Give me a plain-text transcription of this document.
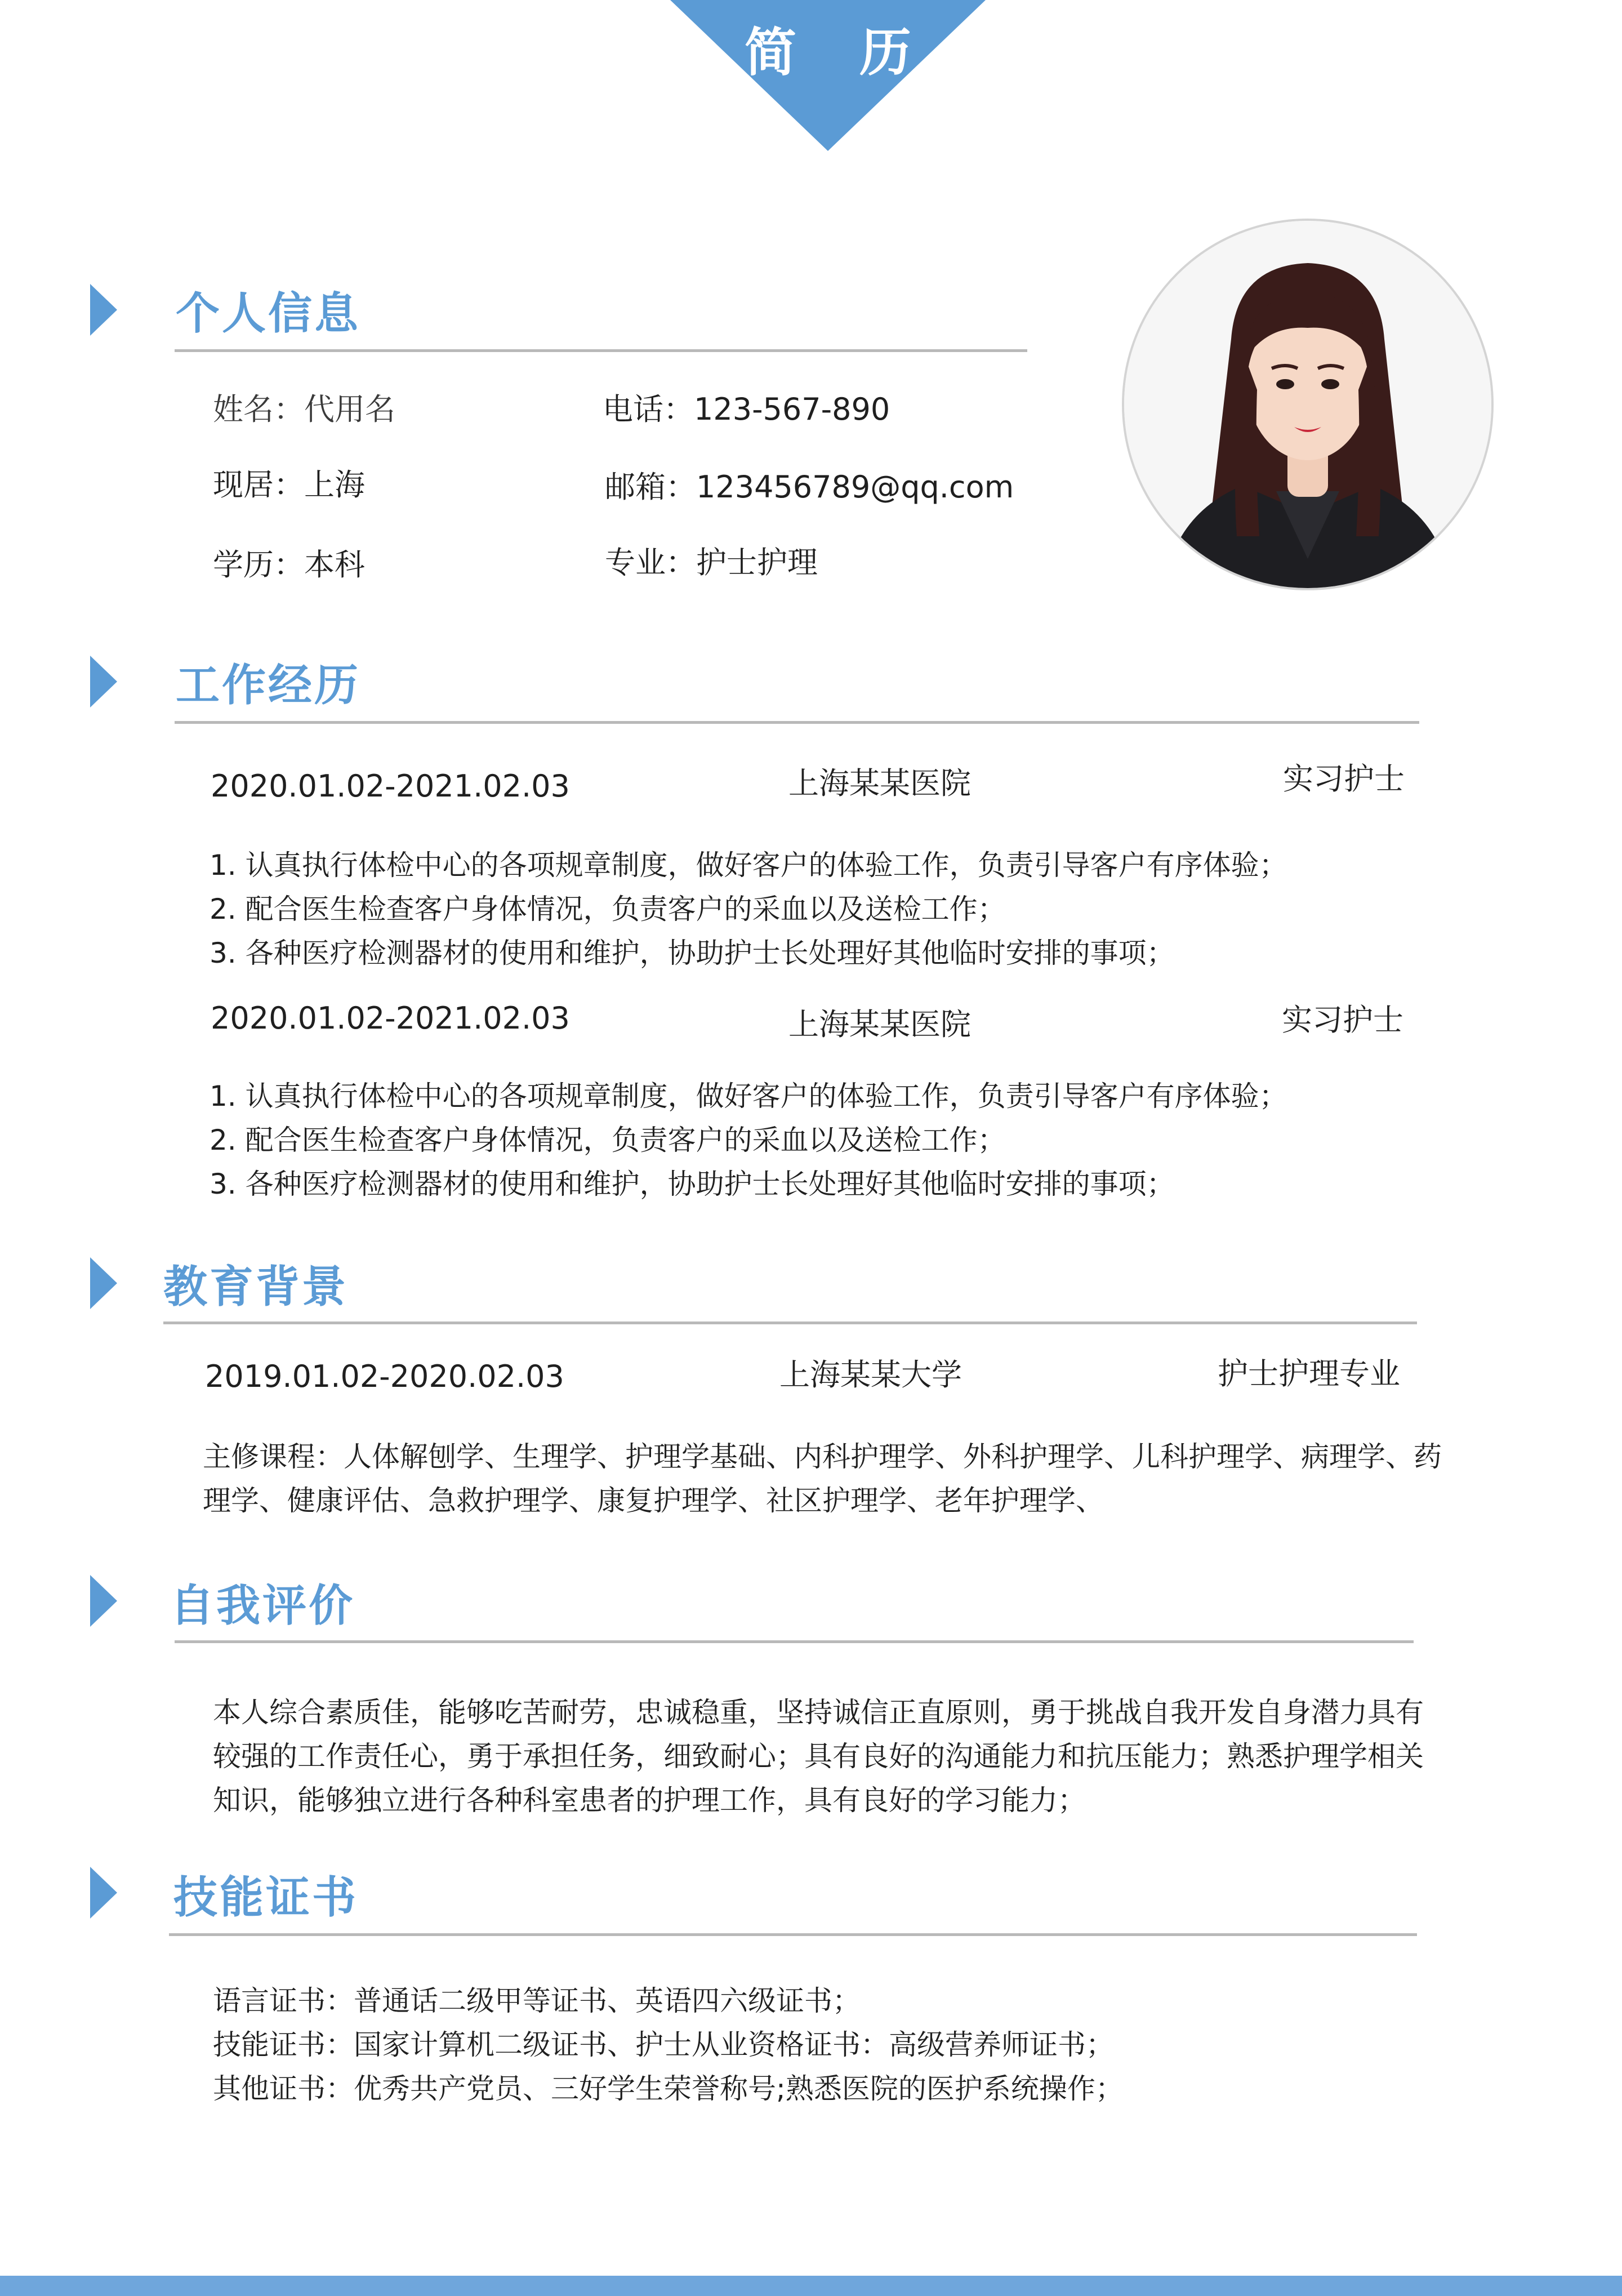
简 历
个人信息
姓名：代用名	电话：123-567-890
现居：上海	邮箱：123456789@qq.com
学历：本科	专业：护士护理
工作经历
2020.01.02-2021.02.03	上海某某医院	实习护士
1. 认真执行体检中心的各项规章制度，做好客户的体验工作，负责引导客户有序体验；
2. 配合医生检查客户身体情况，负责客户的采血以及送检工作；
3. 各种医疗检测器材的使用和维护，协助护士长处理好其他临时安排的事项；
2020.01.02-2021.02.03	上海某某医院	实习护士
1. 认真执行体检中心的各项规章制度，做好客户的体验工作，负责引导客户有序体验；
2. 配合医生检查客户身体情况，负责客户的采血以及送检工作；
3. 各种医疗检测器材的使用和维护，协助护士长处理好其他临时安排的事项；
教育背景
2019.01.02-2020.02.03	上海某某大学	护士护理专业
主修课程：人体解刨学、生理学、护理学基础、内科护理学、外科护理学、儿科护理学、病理学、药
理学、健康评估、急救护理学、康复护理学、社区护理学、老年护理学、
自我评价
本人综合素质佳，能够吃苦耐劳，忠诚稳重，坚持诚信正直原则，勇于挑战自我开发自身潜力具有
较强的工作责任心，勇于承担任务，细致耐心；具有良好的沟通能力和抗压能力；熟悉护理学相关
知识，能够独立进行各种科室患者的护理工作，具有良好的学习能力；
技能证书
语言证书：普通话二级甲等证书、英语四六级证书；
技能证书：国家计算机二级证书、护士从业资格证书：高级营养师证书；
其他证书：优秀共产党员、三好学生荣誉称号;熟悉医院的医护系统操作；
